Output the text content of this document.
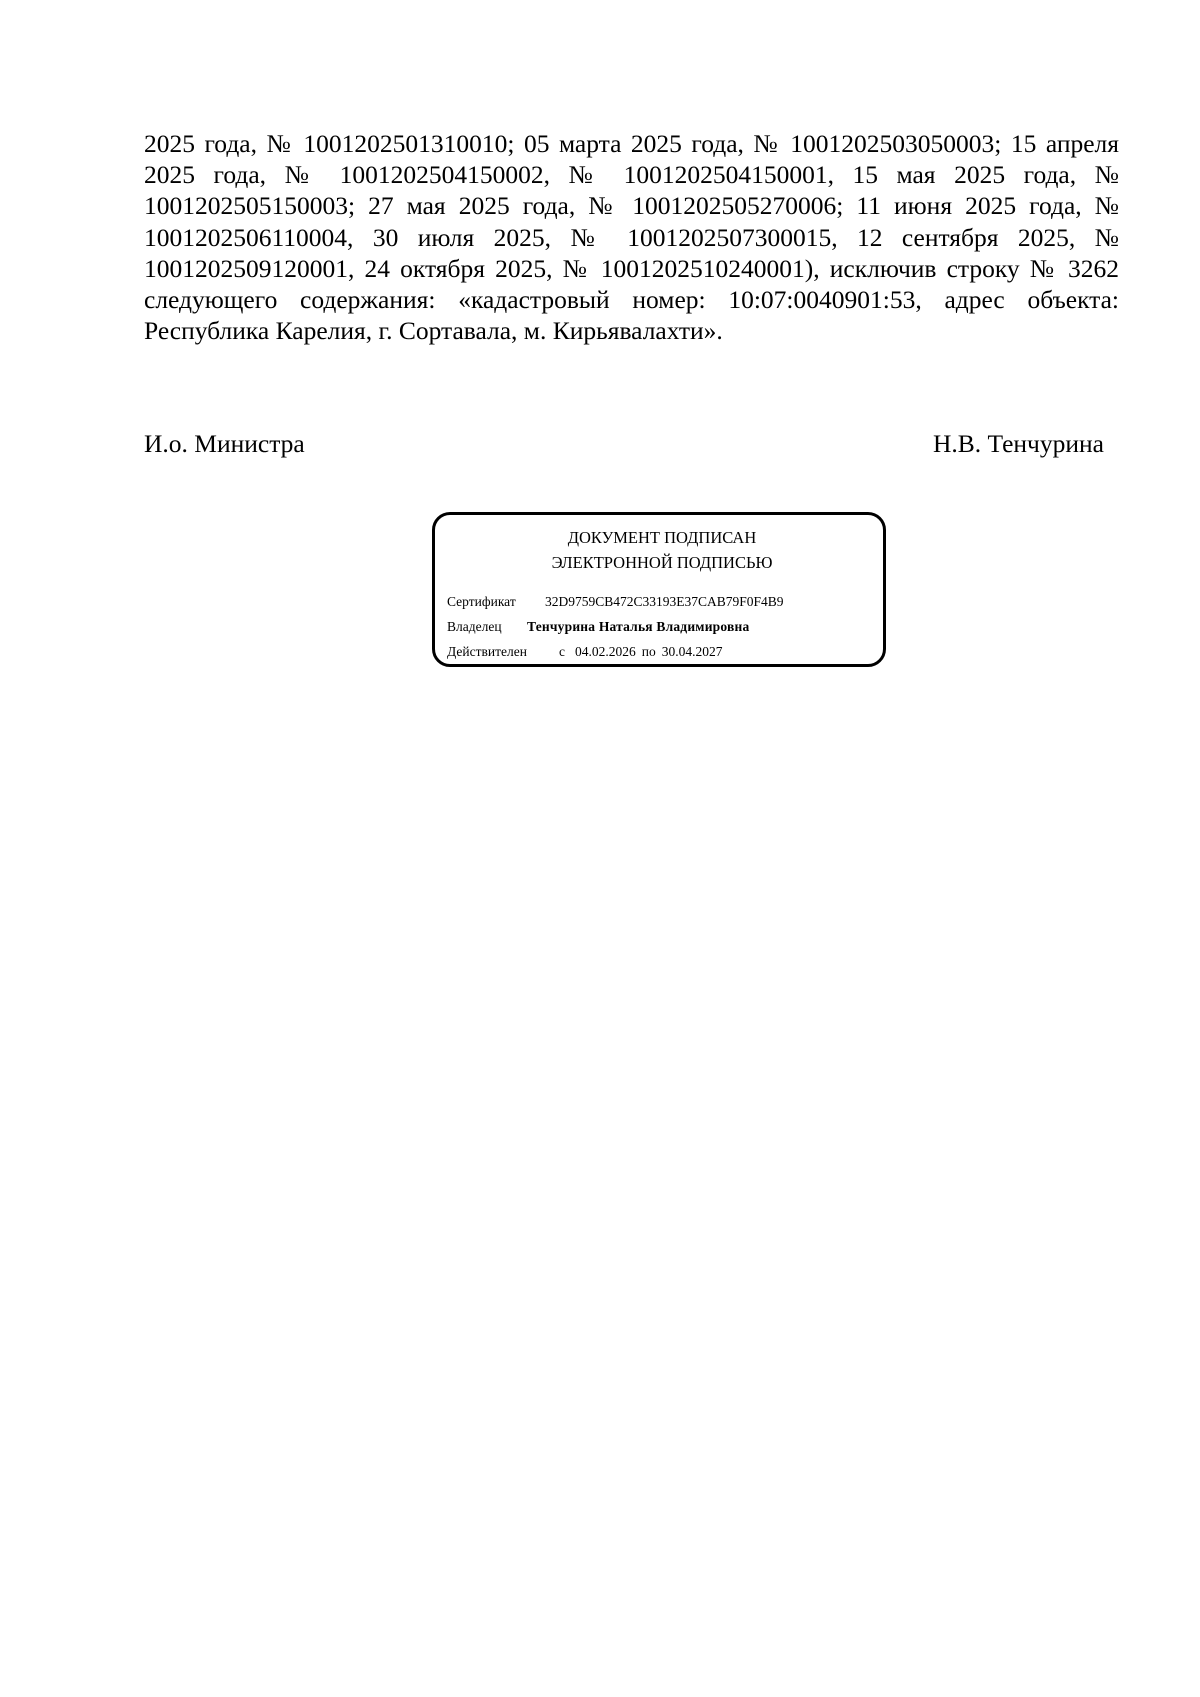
2025 года, № 1001202501310010; 05 марта 2025 года, № 1001202503050003; 15 апреля 2025 года, № 1001202504150002, № 1001202504150001, 15 мая 2025 года, № 1001202505150003; 27 мая 2025 года, № 1001202505270006; 11 июня 2025 года, № 1001202506110004, 30 июля 2025, № 1001202507300015, 12 сентября 2025, № 1001202509120001, 24 октября 2025, № 1001202510240001), исключив строку № 3262 следующего содержания: «кадастровый номер: 10:07:0040901:53, адрес объекта: Республика Карелия, г. Сортавала, м. Кирьявалахти».

И.о. Министра	Н.В. Тенчурина
ДОКУМЕНТ ПОДПИСАН
ЭЛЕКТРОННОЙ ПОДПИСЬЮ
Сертификат 32D9759CB472C33193E37CAB79F0F4B9
Владелец Тенчурина Наталья Владимировна
Действителен с 04.02.2026 по 30.04.2027
